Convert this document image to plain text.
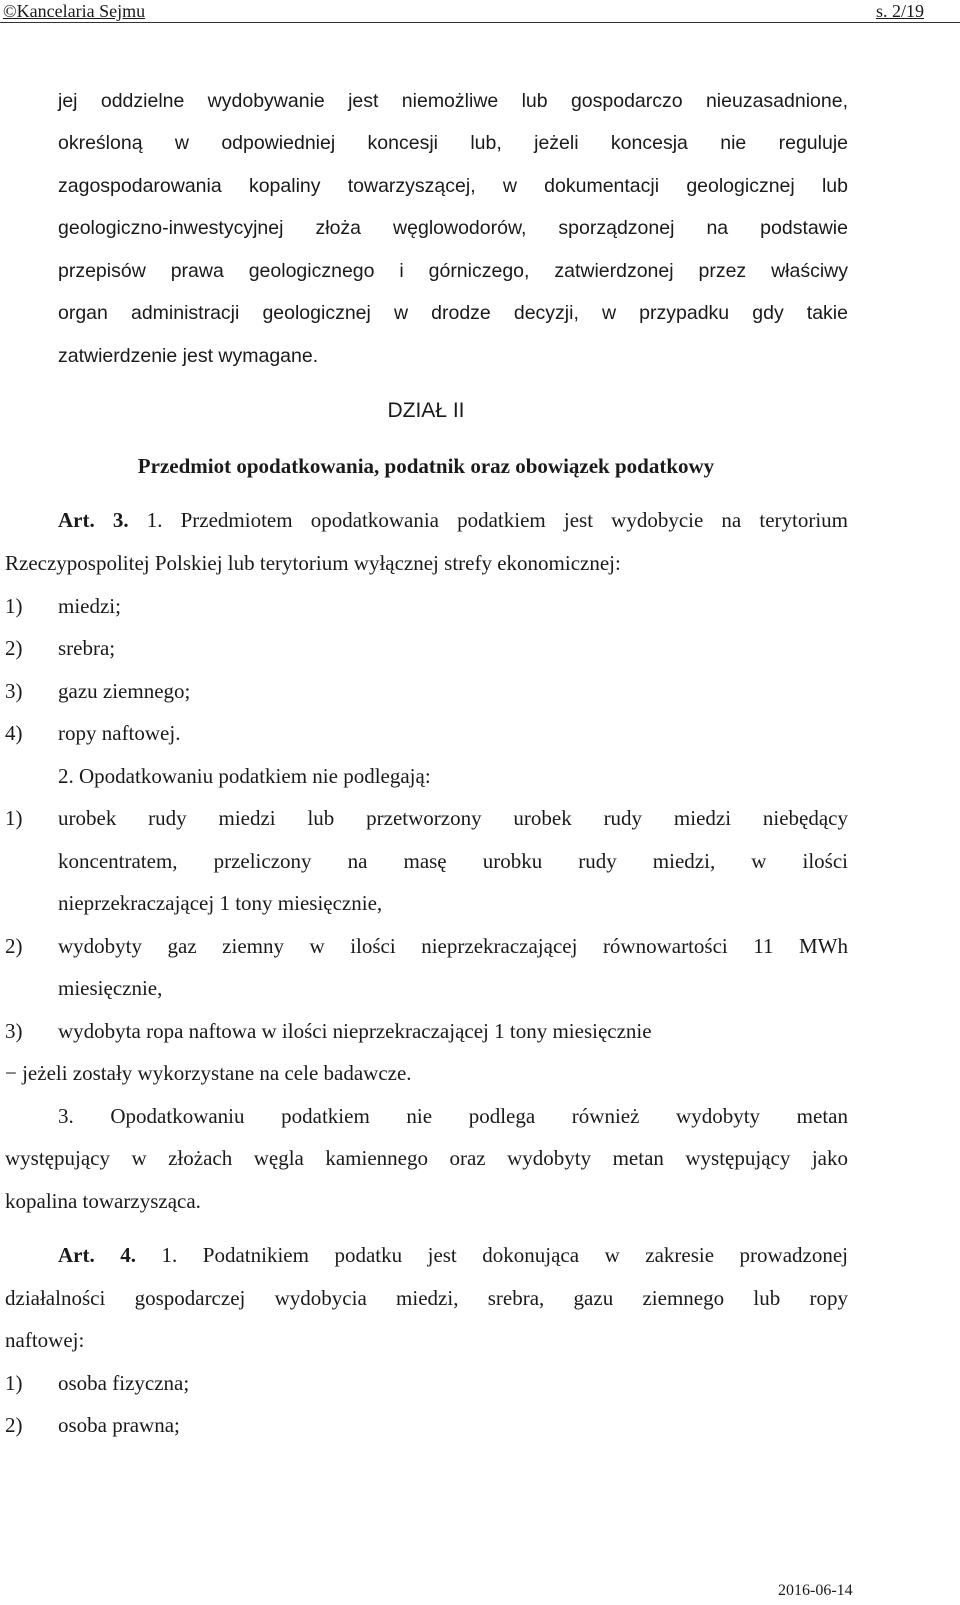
©Kancelaria Sejmu	s. 2/19
jej oddzielne wydobywanie jest niemożliwe lub gospodarczo nieuzasadnione,
określoną w odpowiedniej koncesji lub, jeżeli koncesja nie reguluje
zagospodarowania kopaliny towarzyszącej, w dokumentacji geologicznej lub
geologiczno-inwestycyjnej złoża węglowodorów, sporządzonej na podstawie
przepisów prawa geologicznego i górniczego, zatwierdzonej przez właściwy
organ administracji geologicznej w drodze decyzji, w przypadku gdy takie
zatwierdzenie jest wymagane.
DZIAŁ II
Przedmiot opodatkowania, podatnik oraz obowiązek podatkowy
Art. 3. 1. Przedmiotem opodatkowania podatkiem jest wydobycie na terytorium
Rzeczypospolitej Polskiej lub terytorium wyłącznej strefy ekonomicznej:
1) miedzi;
2) srebra;
3) gazu ziemnego;
4) ropy naftowej.
2. Opodatkowaniu podatkiem nie podlegają:
1) urobek rudy miedzi lub przetworzony urobek rudy miedzi niebędący
koncentratem, przeliczony na masę urobku rudy miedzi, w ilości
nieprzekraczającej 1 tony miesięcznie,
2) wydobyty gaz ziemny w ilości nieprzekraczającej równowartości 11 MWh
miesięcznie,
3) wydobyta ropa naftowa w ilości nieprzekraczającej 1 tony miesięcznie
− jeżeli zostały wykorzystane na cele badawcze.
3. Opodatkowaniu podatkiem nie podlega również wydobyty metan
występujący w złożach węgla kamiennego oraz wydobyty metan występujący jako
kopalina towarzysząca.
Art. 4. 1. Podatnikiem podatku jest dokonująca w zakresie prowadzonej
działalności gospodarczej wydobycia miedzi, srebra, gazu ziemnego lub ropy
naftowej:
1) osoba fizyczna;
2) osoba prawna;
2016-06-14
